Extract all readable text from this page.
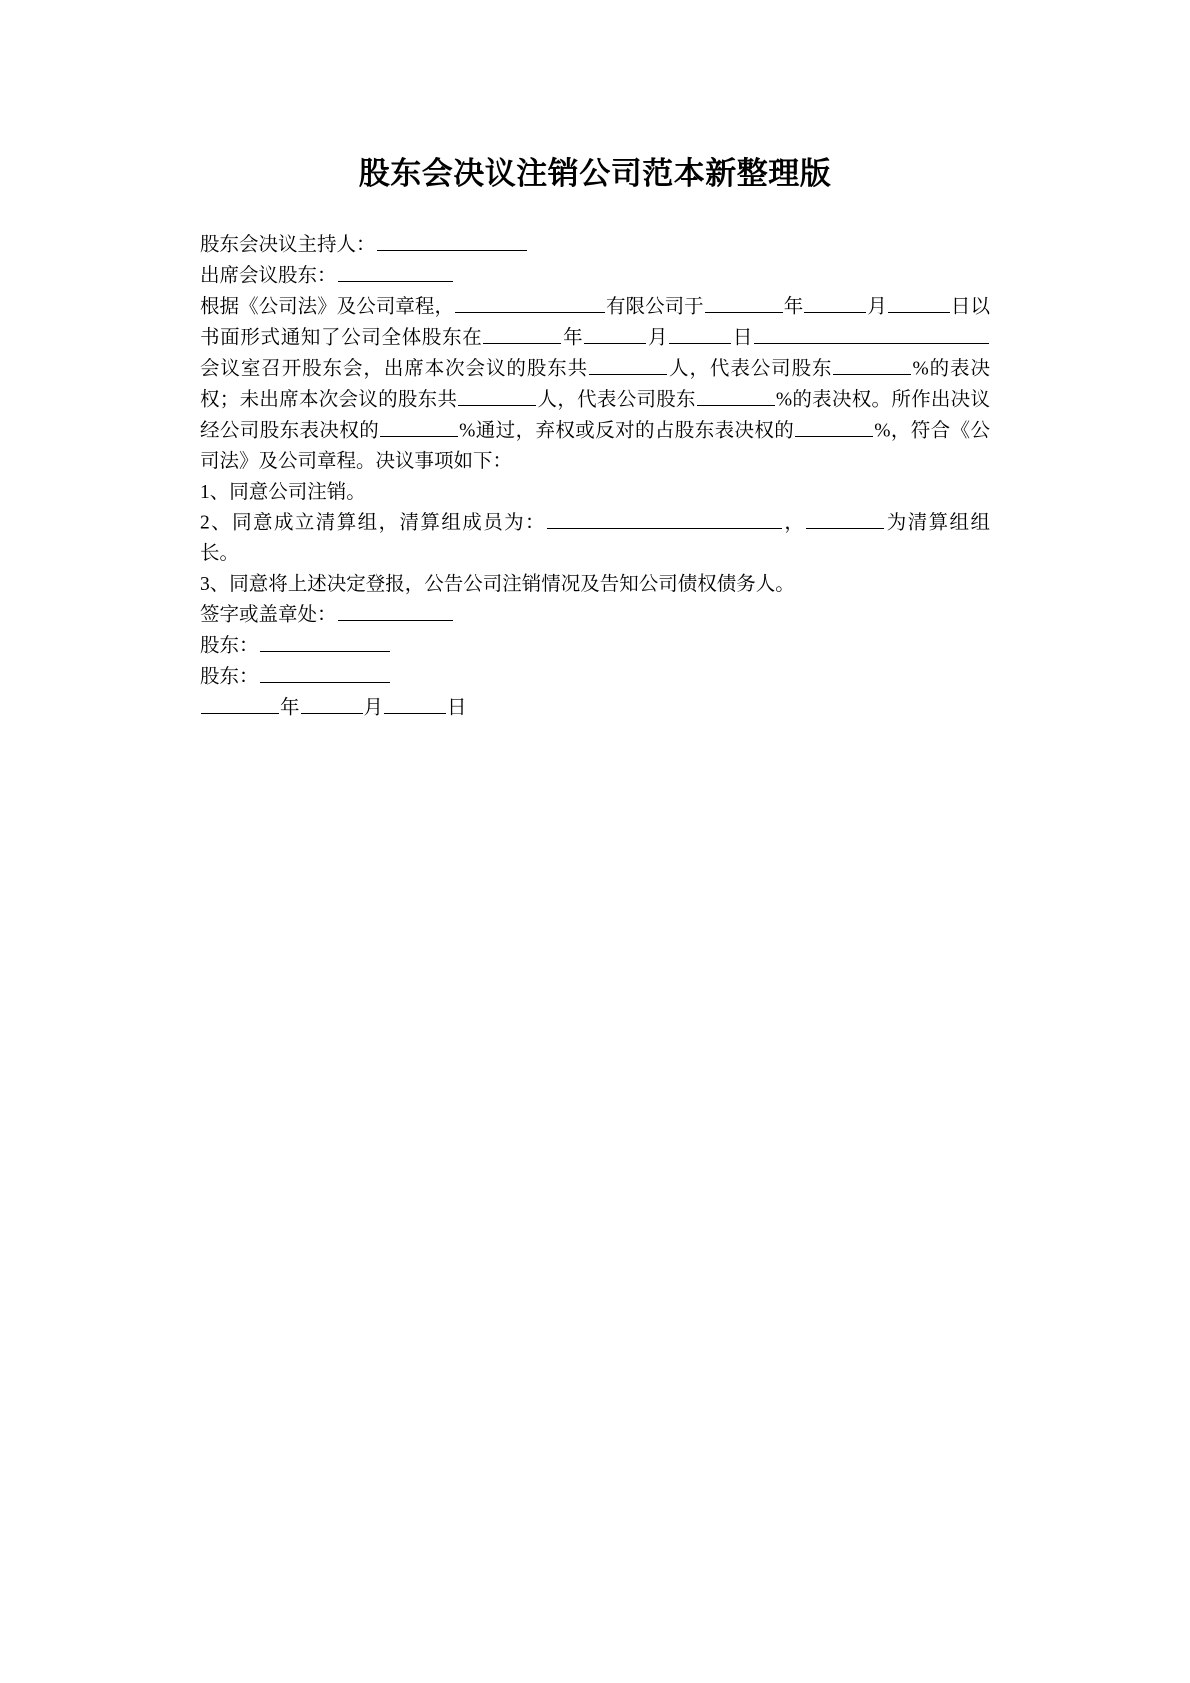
股东会决议注销公司范本新整理版

股东会决议主持人：

出席会议股东：

根据《公司法》及公司章程，	有限公司于	年	月	日以书面形式通知了公司全体股东在	年	月	日会议室召开股东会，出席本次会议的股东共	人，代表公司股东	%的表决权；未出席本次会议的股东共	人，代表公司股东	%的表决权。所作出决议经公司股东表决权的	%通过，弃权或反对的占股东表决权的	%，符合《公司法》及公司章程。决议事项如下：

1、同意公司注销。

2、同意成立清算组，清算组成员为：	，	为清算组组长。

3、同意将上述决定登报，公告公司注销情况及告知公司债权债务人。

签字或盖章处：

股东：

股东：

年	月	日
